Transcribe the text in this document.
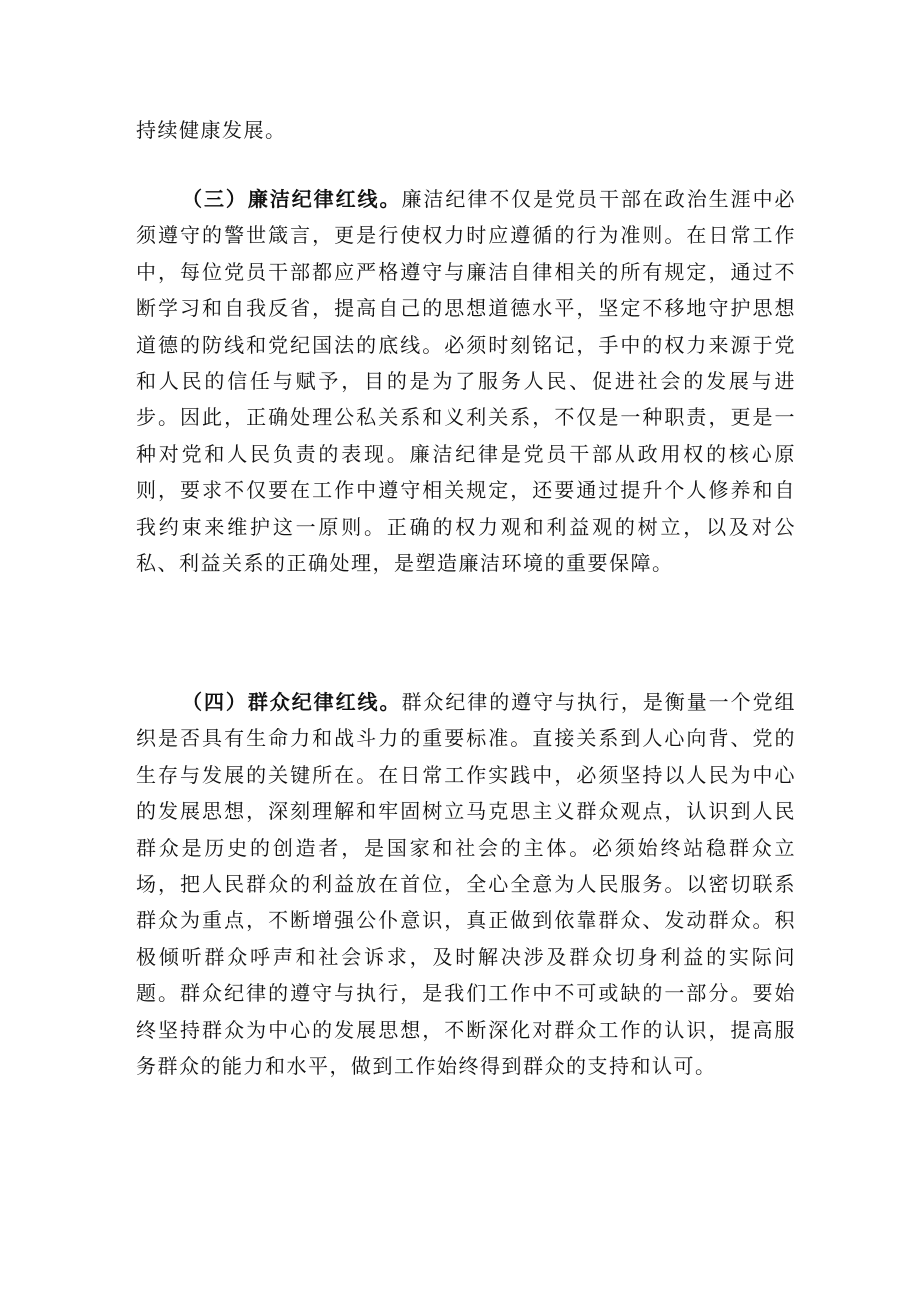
持续健康发展。

（三）廉洁纪律红线。廉洁纪律不仅是党员干部在政治生涯中必须遵守的警世箴言，更是行使权力时应遵循的行为准则。在日常工作中，每位党员干部都应严格遵守与廉洁自律相关的所有规定，通过不断学习和自我反省，提高自己的思想道德水平，坚定不移地守护思想道德的防线和党纪国法的底线。必须时刻铭记，手中的权力来源于党和人民的信任与赋予，目的是为了服务人民、促进社会的发展与进步。因此，正确处理公私关系和义利关系，不仅是一种职责，更是一种对党和人民负责的表现。廉洁纪律是党员干部从政用权的核心原则，要求不仅要在工作中遵守相关规定，还要通过提升个人修养和自我约束来维护这一原则。正确的权力观和利益观的树立，以及对公私、利益关系的正确处理，是塑造廉洁环境的重要保障。

（四）群众纪律红线。群众纪律的遵守与执行，是衡量一个党组织是否具有生命力和战斗力的重要标准。直接关系到人心向背、党的生存与发展的关键所在。在日常工作实践中，必须坚持以人民为中心的发展思想，深刻理解和牢固树立马克思主义群众观点，认识到人民群众是历史的创造者，是国家和社会的主体。必须始终站稳群众立场，把人民群众的利益放在首位，全心全意为人民服务。以密切联系群众为重点，不断增强公仆意识，真正做到依靠群众、发动群众。积极倾听群众呼声和社会诉求，及时解决涉及群众切身利益的实际问题。群众纪律的遵守与执行，是我们工作中不可或缺的一部分。要始终坚持群众为中心的发展思想，不断深化对群众工作的认识，提高服务群众的能力和水平，做到工作始终得到群众的支持和认可。
